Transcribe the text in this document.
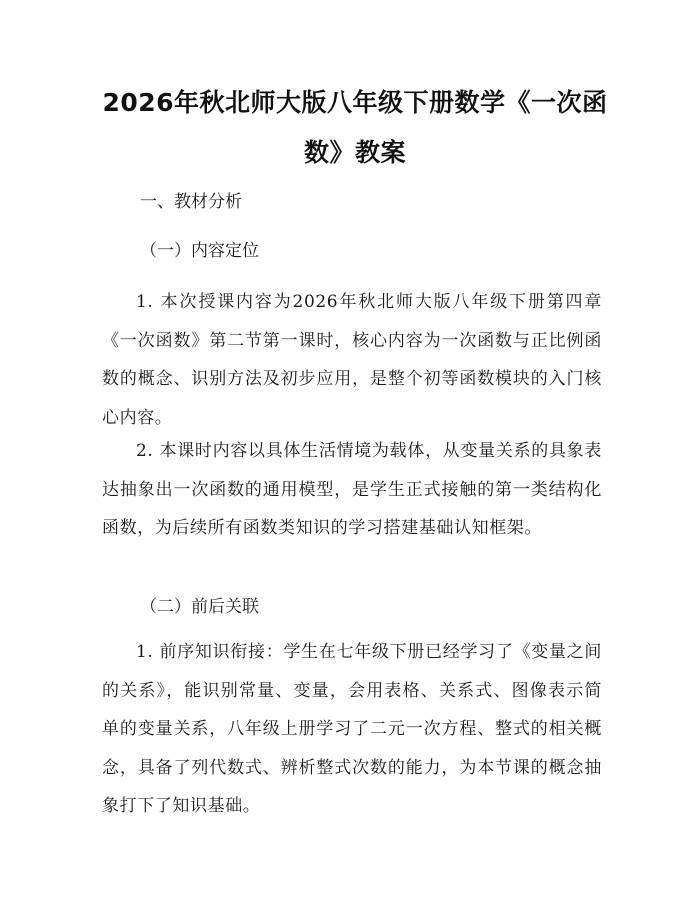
2026年秋北师大版八年级下册数学《一次函数》教案
一、教材分析
（一）内容定位
1. 本次授课内容为2026年秋北师大版八年级下册第四章《一次函数》第二节第一课时，核心内容为一次函数与正比例函数的概念、识别方法及初步应用，是整个初等函数模块的入门核心内容。
2. 本课时内容以具体生活情境为载体，从变量关系的具象表达抽象出一次函数的通用模型，是学生正式接触的第一类结构化函数，为后续所有函数类知识的学习搭建基础认知框架。
（二）前后关联
1. 前序知识衔接：学生在七年级下册已经学习了《变量之间的关系》，能识别常量、变量，会用表格、关系式、图像表示简单的变量关系，八年级上册学习了二元一次方程、整式的相关概念，具备了列代数式、辨析整式次数的能力，为本节课的概念抽象打下了知识基础。
